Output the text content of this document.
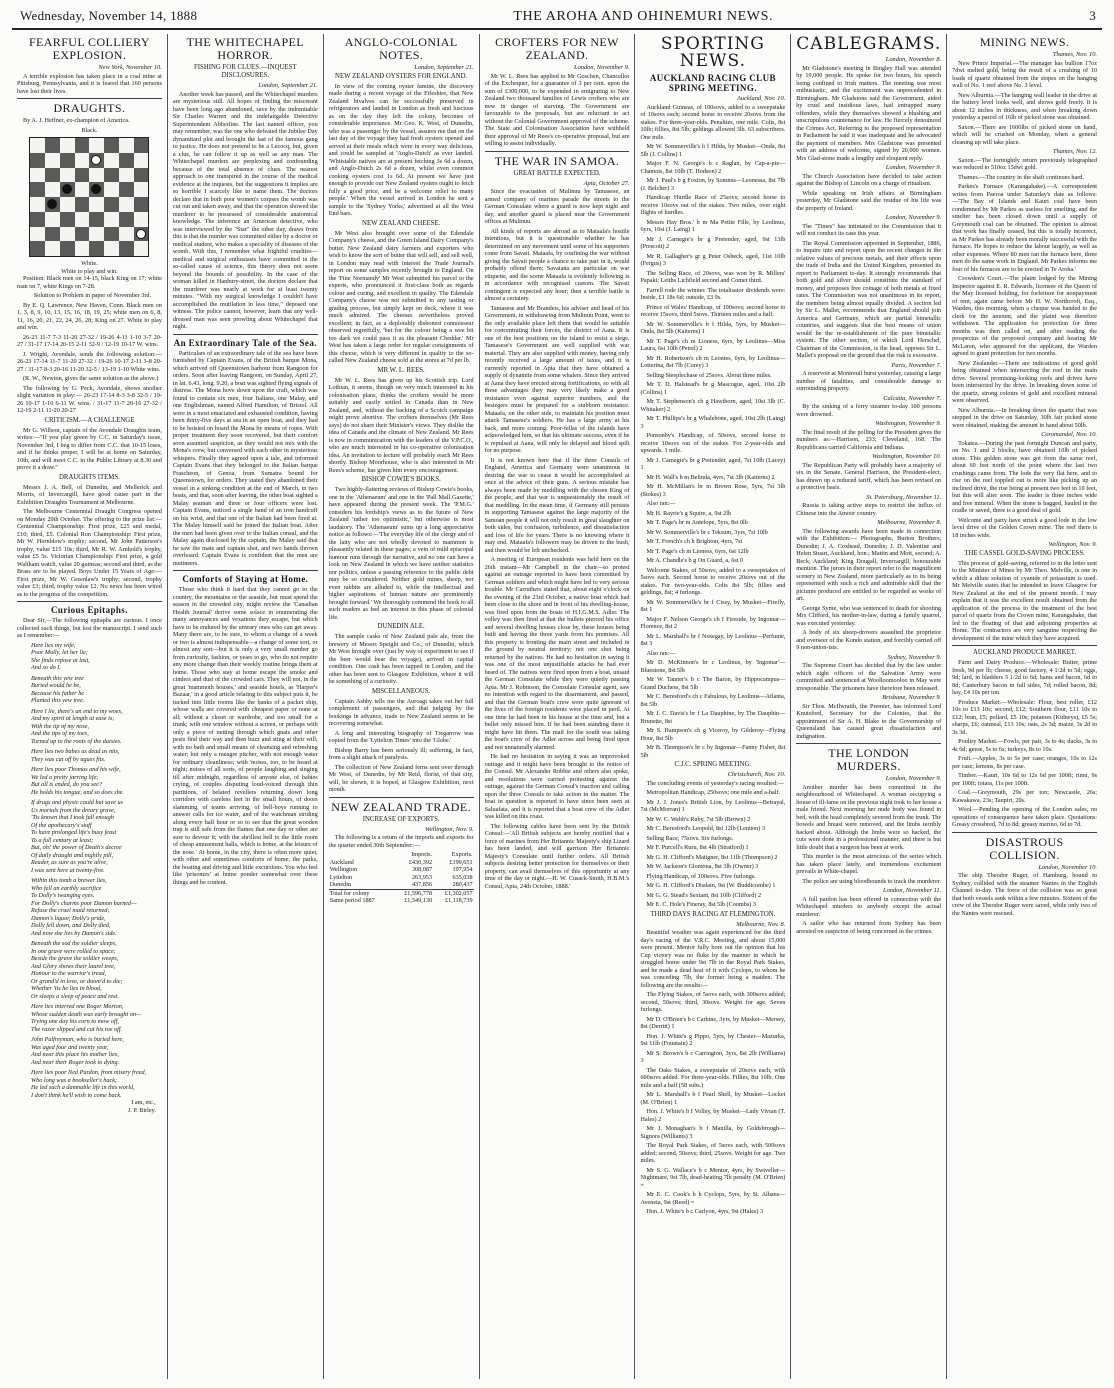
Wednesday, November 14, 1888	THE AROHA AND OHINEMURI NEWS.	3
FEARFUL COLLIERY EXPLOSION.
New York, November 10.

A terrible explosion has taken place in a coal mine at Pittsburg, Pennsylvania, and it is feared that 160 persons have lost their lives.

DRAUGHTS.

By A. J. Heffner, ex-champion of America.

Black.
White.
White to play and win.

Position: Black men on 14-15, black King on 17; white man on 7, white Kings on 7-28.

Solution to Problem in paper of November 3rd.

By E. Q. Lawrence, New Haven, Conn. Black men on 1, 3, 8, 9, 10, 13, 15, 16, 18, 19, 25; white men on 6, 8, 11, 16, 20, 21, 22, 24, 26, 28; King on 27. White to play and win.

26-23 11-7 7-3 11-20 27-32 / 19-26 4-11 1-10 3-7 20-27 / 31-17 17-14 20-15 2-11 32-9 / 12-19 10-17 W. wins.

J. Wright, Avondale, sends the following solution:— 26-23 17-14 11-7 11-20 27-32 / 19-26 10-17 2-11 3-8 20-27 / 31-17 8-3 20-16 11-20 32-5 / 13-19 1-10 White wins.

(R. W., Newton, gives the same solution as the above.)

The following by G. Peck, Avondale, shows another slight variation in play:— 26-23 17-14 8-3 3-8 32-5 / 19-26 10-17 1-10 6-11 W. wins. / 31-17 11-7 20-16 27-32 / 12-19 2-11 11-20 20-27

CRITICISM.—A CHALLENGE

Mr G. Willson, captain of the Avondale Draughts team, writes:—"If you play green by C.C. in Saturday's issue, November 3rd, I beg to differ from C.C. that 10-15 loses, and if he thinks proper, I will be at home on Saturday, 10th, and will meet C.C. in the Public Library at 8.30 and prove it a draw."

DRAUGHTS ITEMS.

Messrs J. A. Bell, of Dunedin, and Mellerick and Morris, of Invercargill, have good cause part in the Exhibition Draughts Tournament at Melbourne.

The Melbourne Centennial Draught Congress opened on Monday 29th October. The offering to the prize list:— Centennial Championship: First prize, £25 and medal, £10; third, £5. Colonial Ron Championship: First prize, Mr W. Hornblow's trophy; second, Mr John Patterson's trophy, value £15 10s; third, Mr R. W. Arnhold's trophy, value £5 5s. Victorian Championship: First prize, a gold Waltham watch, value 20 guineas; second and third, as the Brass are to be played. Boys Under 15 Years of Age:—First prize, Mr W. Greenlaw's trophy; second, trophy value £3; third, trophy value £2. No news has been wired as to the progress of the competition.

Curious Epitaphs.

Dear Sir,—The following epitaphs are curious. I once collected such things, but lost the manuscript. I send such as I remember:—

Here lies my wife,
Poor Molly, let her lie;
She finds repose at last,
And so do I.
Beneath this yew tree
Buried would he be,
Because his father he
Planted this yew tree.
Here I lie, there's an end to my woes,
And my spirit at length at ease is;
With the tip of my nose,
And the tips of my toes,
Turned up to the roots of the daisies.
Here lies two babes as dead as nits,
They was cut off by agues fits.
Here lies poor Thomas and his wife,
We led a pretty jarring life;
But all is ended, do you see?
He holds his tongue, and so does she.
If drugs and physic could but save us
Us mortals from the dreary grave,
'Tis known that I took full enough
Of the apothecary's stuff
To have prolonged life's busy feast
To a full century at least;
But, oh! the power of Death's decree
Of daily draught and nightly pill,
Reader, as sure as you're alive,
I was sent here at twenty-five.
Within this tomb a brewer lies,
Who fell an earthly sacrifice
To Dolly's twanging eyes.
For Dolly's charms poor Damon burned—
Refuse the cruel maid returned;
Damon's liquor, Dolly's pride,
Dolly fell down, and Dolly died,
And now she lies by Damon's side.
Beneath the sod the soldier sleeps,
In one grave were rolled to space;
Beside the grave the soldier weeps,
And Glory shows their laurel tree,
Honour to the warrior's tread,
Or grand'd in love, or doom'd to die;
Whether 'tis he lies in blood,
Or sleeps a sleep of peace and rest.
Here lies interred one Roger Morton,
Whose sudden death was early brought on—
Trying one day his corn to mow off,
The razor slipped and cut his toe off.
John Palfreyman, who is buried here,
Was aged four and twenty year,
And near this place his mother lies,
And near their Roger took to dying.
Here lies poor Ned Purdon, from misery freed,
Who long was a bookseller's hack;
He led such a damnable life in this world,
I don't think he'll wish to come back.
I am, etc.,
J. P. Birley.
THE WHITECHAPEL HORROR.
FISHING FOR CLUES.—INQUEST DISCLOSURES.
London, September 21.

Another week has passed, and the Whitechapel murders are mysterious still. All hopes of finding the miscreant have been long ago abandoned, save by the indomitable Sir Charles Warren and the indefatigable Detective Superintendent Abberline. The last named officer, you may remember, was the one who defeated the Jubilee Day dynamitard plot and brought the last of the famous gang to justice. He does not pretend to be a Lecocq, but, given a clue, he can follow it up as well as any man. The Whitechapel murders are perplexing and confounding because of the total absence of clues. The nearest approach to one transpired in the course of the medical evidence at the inquests, but the suggestions it implies are so horrible I scarcely like to name them. The doctors declare that in both poor women's corpses the womb was cut out and taken away, and that the operation showed the murderer to be possessed of considerable anatomical knowledge. The inference an American detective, who was interviewed by the "Star" the other day, draws from this is that the murder was committed either by a doctor or medical student, who makes a speciality of diseases of the womb. With this, I remember what frightful cruelties—medical and surgical enthusiasts have committed in the so-called cause of science, this theory does not seem beyond the bounds of possibility. In the case of the woman killed in Hanbury-street, the doctors declare that the murderer was nearly at work for at least twenty minutes. "With my surgical knowledge I couldn't have accomplished the mutilation in less time," deposed one witness. The police cannot, however, learn that any well-dressed man was seen prowling about Whitechapel that night.

An Extraordinary Tale of the Sea.

Particulars of an extraordinary tale of the sea have been furnished by Captain Evans, of the British barque Mona, which arrived off Queenstown harbour from Rangoon for orders. Soon after leaving Rangoon, on Sunday, April 27, in lat. 6.43, long. 9.20, a boat was sighted flying signals of distress. The Mona hove down upon the craft, which was found to contain six men, four Italians, one Malay, and one Englishman, named Alfred Hamilton, of Bristol. All were in a most emaciated and exhausted condition, having been thirty-five days at sea in an open boat, and they had to be hoisted on board the Mona by means of ropes. With proper treatment they soon recovered, but their comfort soon assumed suspicion, as they would not mix with the Mona's crew, but conversed with each other in mysterious whispers. Finally they agreed upon a tale, and informed Captain Evans that they belonged to the Italian barque Frascheon, of Genoa, from Sumatra bound for Queenstown, for orders. They stated they abandoned their vessel in a sinking condition at the end of March, in two boats, and that, soon after leaving, the other boat sighted a Malay seaman and three or four officers were lost. Captain Evans, noticed a single band of an iron handcuff on his wrist, and that one of the Italian had been fired at. The Malay himself said he joined the Italian boat. After the men had been given over to the Italian consul, and the Malay again disclosed by the captain, the Malay said that he saw the mate and captain shot, and two hands thrown overboard. Captain Evans is confident that the men are mutineers.

Comforts of Staying at Home.

Those who think it hard that they cannot go to the country, the mountains or the seaside, but must spend the season in the crowded city, might review the 'Canadian Health Journal' derive some solace in enumerating the many annoyances and vexations they escape, but which have to be endured by the unwary ones who can get away. Many there are, to be sure, to whom a change of a week or two is almost indispensable—a change of some sort, or almost any sort—but it is only a very small number go from curiosity, fashion, or years to go, who do not require any more change than their weekly routine brings them at home. Those who stay at home escape the smoke and cinders and dust of the crowded cars. They will not, in the great 'mammoth houses,' and seaside hotels, as 'Harper's Bazaar,' in a good article relating to this subject puts it, be tucked into little rooms like the banks of a packet ship, whose walls are covered with cheapest paper or none at all; without a closet or wardrobe, and too small for a trunk; with one window without a screen, or perhaps with only a piece of netting through which gnats and other pests find their way and then buzz and sting at their will; with no bath and small means of cleansing and refreshing water; but only a meagre pitcher, with not enough water for ordinary cleanliness; with 'noises, too, to be heard at night; noises of all sorts, of people laughing and singing till after midnight, regardless of anyone else, of babies crying, of couples disputing loud-voiced through thin partitions, of belated revellers returning down long corridors with careless feet in the small hours, of doors slamming, of teams arriving, of bell-boys running to answer calls for ice water, and of the watchman striding along every half hour or so to see that the great wooden trap is still safe from the flames that one day or other are sure to devour it; with the shrillest bell to the little room of cheap amusement halls, which is home, at the leisure of the nose.' At home, in the city, there is often more quiet, with other and sometimes comforts of home; the parks, the boating and driving and little excursions. You who feel like 'prisoners' at home ponder somewhat over these things and be content.

ANGLO-COLONIAL NOTES.
London, September 21.
NEW ZEALAND OYSTERS FOR ENGLAND.

In view of the coming oyster famine, the discovery made during a recent voyage of the Fifeshire, that New Zealand bivalves can be successfully preserved in refrigerators and landed in London as fresh and luscious as on the day they left the colony, becomes of considerable importance. Mr Geo. K. West, of Dunedin, who was a passenger by the vessel, assures me that on the last day of the voyage they had fresh oysters opened and served at their meals which were in every way delicious, and could be sampled at 'Anglo-Dutch' as ever landed. 'Whitstable natives are at present fetching 3s 6d a dozen, and Anglo-Dutch 2s 6d a dozen, whilst even common cooking oysters cost 1s 6d. At present we have just enough to provide our New Zealand oysters ought to fetch fully a good price, and be a welcome relief to many people.' When the vessel arrived in London he sent a sample to the 'Sydney Yorks,' advertised at all the West End bars.

NEW ZEALAND CHEESE.

Mr West also brought over some of the Edendale Company's cheese, and the Green Island Dairy Company's butter. New Zealand dairy farmers and exporters who wish to know the sort of butter that will sell, and sell well, in London may read with interest the Trade Journal's report on some samples recently brought to England. On the 'Fine Normandy' Mr West submitted his parcel to the experts, who pronounced it first-class both as regards colour and curing, and excellent in quality. The Edendale Company's cheese was not submitted to any tasting or grading process, but simply kept on deck, where it was much admired. The cheeses nevertheless proved excellent; in fact, as a deplorably dishonest connoisseur observed regretfully, 'but for the colour being a wee bit too dark we could pass it as the pleasant Cheddar.' Mr West has taken a large order for regular consignments of this cheese, which is very different in quality to the so-called New Zealand cheese sold at the stores at 7d per lb.

MR W. L. REES.

Mr W. L. Rees has given up his Scottish trip. Lord Lothian, it seems, though on very much interested in his colonisation plans, thinks the crofters would be more suitably and easily settled in Canada than in New Zealand, and, without the backing of a Scotch campaign might prove abortive. The crofters themselves (Mr Rees says) do not share their Minister's views. They dislike the idea of Canada and the climate of New Zealand. Mr Rees is now in communication with the leaders of the V.P.C.O., who are much interested in his co-operative colonisation idea. An invitation to lecture will probably reach Mr Rees shortly. Bishop Moorhouse, who is also interested in Mr Rees's scheme, has given him every encouragement.

BISHOP COWIE'S BOOKS.

Two highly-flattering reviews of Bishop Cowie's books, one in the 'Athenaeum' and one in the 'Pall Mall Gazette,' have appeared during the present week. The 'P.M.G.' considers his lordship's views as to the future of New Zealand 'rather too optimistic,' but otherwise is most laudatory. The 'Athenaeum' sums up a long appreciative notice as follows:—'The everyday life of the clergy and of the laity who are not wholly devoted to mammon is pleasantly related in these pages; a vein of mild episcopal humour runs through the narrative, and no one can have a look on New Zealand in which we have neither statistics nor politics, unless a passing reference to the public debt may be so considered. Neither gold mines, sheep, nor even rabbits are alluded to, while the intellectual and higher aspirations of human nature are prominently brought forward.' We thoroughly commend the book to all such readers as feel an interest in this phase of colonial life.

DUNEDIN ALE.

The sample casks of New Zealand pale ale, from the brewery of Messrs Speight and Co., of Dunedin, which Mr West brought over (just by way of experiment to see if the beer would bear the voyage), arrived in capital condition. One cask has been tapped in London, and the other has been sent to Glasgow Exhibition, where it will be something of a curiosity.

MISCELLANEOUS.

Captain Ashby tells me the Auroagi takes out her full complement of passengers, and that judging by the bookings in advance, trade to New Zealand seems to be recovering somewhat.

A long and interesting biography of Tregarrow was copied from the 'Lyttelton Times' into the 'Globe.'

Bishop Barry has been seriously ill; suffering, in fact, from a slight attack of paralysis.

The collection of New Zealand ferns sent over through Mr West, of Dunedin, by Mr Reid, florist, of that city, will, be shown, it is hoped, at Glasgow Exhibition, next month.

NEW ZEALAND TRADE.
INCREASE OF EXPORTS.
Wellington, Nov. 9.

The following is a return of the imports and exports for the quarter ended 30th September:—

	Imports.	Exports.
Auckland	£430,392	£199,651
Wellington	308,087	197,954
Lyttelton	263,953	635,038
Dunedin	437,856	280,437
Total for colony	£1,596,778	£1,302,057
Same period 1887	£1,549,130	£1,118,739
CROFTERS FOR NEW ZEALAND.
London, November 9.

Mr W. L. Rees has applied to Mr Goschen, Chancellor of the Exchequer, for a guarantee of 3 per cent. upon the sum of £300,000, to be expended in emigrating to New Zealand two thousand families of Lewis crofters who are now in danger of starving. The Government are favourable to the proposals, but are reluctant to act without the Colonial Government approval of the scheme. The State and Colonisation Association have withheld their approval of Mr Rees's co-operative proposal, but are willing to assist individually.

THE WAR IN SAMOA.
GREAT BATTLE EXPECTED.
Apia, October 27.

Since the evacuation of Mulinuu by Tamasese, an armed company of marines parade the streets to the German Consulate where a guard is now kept night and day, and another guard is placed near the Government offices at Mulinuu.

All kinds of reports are abroad as to Mataafa's hostile intentions, but it is questionable whether he has determined on any movement until some of his supporters come from Savaii. Mataafa, by confining the war without giving the Savaii people a chance to take part in it, would probably offend them; Savaiana are particular on war etiquette, and the scene Mataafa is evidently following is in accordance with recognised custom. The Savaii contingent is expected any hour; then a terrible battle is almost a certainty.

Tamasese and Mr Brandeis, his adviser and head of his Government, in withdrawing from Mulinuu Point, went to the only available place left them that would be suitable for concentrating their forces, the district of Aana. It is one of the best positions on the island to resist a siege. Tamasese's Government are well supplied with war material. They are also supplied with money, having only recently received a large amount of taxes, and it is currently reported in Apia that they have obtained a supply of dynamite from some whalers. Since they arrived at Aana they have erected strong fortifications, so with all these advantages they may very likely make a good resistance even against superior numbers, and the besiegers must be prepared for a stubborn resistance. Mataafa, on the other side, to maintain his position must attack Tamasese's soldiers. He has a large army at his back, and more coming. Poor-fellas of the islands have acknowledged him, so that his ultimate success, even if he is repulsed at Aana, will only be delayed and blood spilt for no purpose.

It is not known here that if the three Consuls of England, America and Germany were unanimous in desiring the war to cease it would be accomplished at once at the advice of their guns. A serious mistake has always been made by meddling with the chosen King of the people, and that war is unquestionably the result of that meddling. In the mean time, if Germany still persists in supporting Tamasese against the large majority of the Samoan people it will not only result in great slaughter on both sides, but confusion, turbulence, and dissatisfaction and loss of life for years. There is no knowing where it may end. Mataafa's followers may be driven to the bush, and then would be left unchecked.

A meeting of European residents was held here on the 26th instant—Mr Campbell in the chair—to protest against an outrage reported to have been committed by German soldiers and which might have led to very serious trouble. Mr Carruthers stated that, about eight o'clock on the evening of the 23rd October, a native boat which had been close to the shore and in front of his dwelling-house, was fired upon from the boats of H.I.G.M.S. Adler. The volley was then fired at that the bullets pierced his office and several dwelling houses close by, these houses being built and having the three yards from his premises. All this property is fronting the main street and included in the ground by neutral territory; not one shot being returned by the natives. He had no hesitation in saying it was one of the most unjustifiable attacks he had ever heard of. The natives were fired upon from a boat, unsaid the German Consulate while they were quietly passing Apia. Mr J. Robinson, the Consulate Consular agent, saw no intention with regard to the disarmament, and passed, and that the German boat's crew were quite ignorant of the lives of the foreign residents were placed in peril. At one time he had been in his house at the time and, but a bullet only missed him. If he had been standing there it might have hit them. The mail for the south was taking the boat's crew of the Adler across and being fired upon and not unnaturally alarmed.

He had no hesitation in saying it was an unprovoked outrage and it might have been brought to the notice of the Consul. Mr Alexander Robbie and others also spoke, and resolutions were carried protesting against the outrage, against the German Consul's inaction and calling upon the three Consuls to take action in the matter. The boat in question is reported to have since been seen at Saluafata, and it is reported that a boat crew of the Adler was killed on this coast.

The following cables have been sent by the British Consul:—'All British subjects are hereby notified that a force of marines from Her Britannic Majesty's ship Lizard has been landed, and will garrison Her Britannic Majesty's Consulate until further orders. All British subjects desiring better protection for themselves or their property, can avail themselves of this opportunity at any time of the day or night.—H. W. Cusack-Smith, H.B.M.'s Consul, Apia, 24th October, 1888.'

SPORTING NEWS.
AUCKLAND RACING CLUB SPRING MEETING.
Auckland, Nov. 10.

Auckland Guineas, of 100sovs, added to a sweepstake of 10sovs each; second horse to receive 20sovs from the stakes. For three-year-olds. Penalties, one mile. Colts, 8st 10lb; fillies, 8st 5lb; geldings allowed 3lb. 63 subscribers. One mile.

Mr W. Sommerville's b f Hilda, by Musket—Onda, 8st 5lb (J. Collins) 1

Major F. N. George's b c Raglan, by Cap-a-pie—Chamois, 8st 10lb (T. Hodson) 2

Mr J. Paul's b g Foxton, by Somnus—Leonessa, 8st 7lb (J. Belcher) 3

Handicap Hurdle Race of 25sovs; second horse to receive 10sovs out of the stakes. Two miles, over eight flights of hurdles.

Messrs Hay Bros.' b m Ma Petite Fille, by Leolinus, 6yrs, 10st (J. Laing) 1

Mr J. Carnegie's br g Pretender, aged, 9st 13lb (Prescott) 2

Mr R. Gallagher's gr g Peter Osbeck, aged, 11st 10lb (Fergus) 3

The Selling Race, of 20sovs, was won by R. Millers' Papaki; Leiths Lichfield second and Comet third.

Farrell rode the winner. The totalisator dividends were: Inside, £1 18s 6d; outside, £3 9s.

Prince of Wales' Handicap, of 100sovs; second horse to receive 15sovs, third 5sovs. Thirteen miles and a half.

Mr W. Sommerville's b f Hilda, 5yrs, by Musket—Onda, 8st 5lb (Kaiterns) 1

Mr T. Page's ch m Lioness, 6yrs, by Leolinus—Miss Laura, 6st 10lb (Petrel) 2

Mr H. Robertson's ch m Leontes, 6yrs, by Leolinus—Lotterina, 8st 7lb (Corey) 3

Selling Steeplechase of 25sovs. About three miles.

Mr T. D. Halstead's br g Mascogue, aged, 10st 2lb (Collins) 1

Mr T. Stephenson's ch g Hawthorn, aged, 10st 3lb (C. Whitaker) 2

Mr T. Phillips's br g Whalebone, aged, 10st 2lb (Laing) 3

Ponsonby's Handicap, of 50sovs, second horse to receive 10sovs out of the stakes. For 2-year-olds and upwards. 1 mile.

Mr J. Carnegie's br g Pretender, aged, 7st 10lb (Lacey) 1

Mr H. Wall's b m Belinda, 4yrs, 7st 3lb (Kaiterns) 2

Mr H. McMillan's br m Brown Rose, 5yrs, 7st 3lb (Stokes) 3

Also ran:—

Mr H. Rayrie's g Squire, a, 9st 2lb

Mr T. Page's br m Antelope, 5yrs, 8st 0lb

Mr W. Sommerville's br c Teksum, 3yrs, 7st 10lb

Mr T. French's ch h Brighton, 4yrs, 7st

Mr T. Page's ch m Lioness, 6yrs, 6st 12lb

Mr A. Chandle's b g On Guard, a, 6st 0

Welcome Stakes, of 50sovs, added to a sweepstakes of 5sovs each. Second horse to receive 20sovs out of the stakes. For two-year-olds. Colts 8st 5lb; fillies and geldings, 8st; 4 furlongs.

Mr W. Sommerville's br f Cissy, by Musket—Firefly, 8st 1

Major F. Nelson George's ch f Fireside, by Ingomar—Florence, 8st 2

Mr L. Marshall's br f Nosegay, by Leolinus—Perfume, 8st 3

Also ran:—

Mr D. McKinnon's br c Leolinus, by 'Ingomar'—Bluestone, 8st 5lb

Mr W. Tanner's b c The Baron, by Hippocampus—Grand Duchess, 8st 5lb

Mr C. Beresford's ch c Fabulous, by Leolinus—Atlanta, 8st 5lb

Mr J. C. Davis's br f La Dauphine, by The Dauphin—Brunette, 8st

Mr S. Hampson's ch g Viceroy, by Gilderoy—Flying Hour, 8st 5lb

Mr B. Thompson's br c by Ingomar—Fanny Fisher, 8st 5lb

C.J.C. SPRING MEETING.
Christchurch, Nov. 10.

The concluding events of yesterday's racing resulted:—

Metropolitan Handicap, 250sovs; one mile and a-half.

Mr J. J. Jones's British Lion, by Leolinus—Betrayal, 7st (McMorran) 1

Mr W. C. Webb's Ruby, 7st 5lb (Brown) 2

Mr C. Beresford's Leopold, 8st 12lb (Lenuon) 3

Selling Race, 75sovs. Six furlongs.

Mr F. Purcell's Ruru, 8st 4lb (Stratford) 1

Mr G. H. Clifford's Matigner, 8st 11lb (Thompson) 2

Mr W. Jackson's Glomona, 8st 3lb (Owner) 3

Flying Handicap, of 100sovs. Five furlongs.

Mr G. H. Clifford's Disdain, 9st (W. Buddicombe) 1

Mr G. G. Stead's Sextant, 8st 10lb (Clifford) 2

Mr E. C. Hole's Fineray, 8st 5lb (Coombs) 3

THIRD DAYS RACING AT FLEMINGTON.
Melbourne, Nov. 8.

Beautiful weather was again experienced for the third day's racing of the V.R.C. Meeting, and about 15,000 were present. Mentor fully bore out the opinion that his Cup victory was no fluke by the manner in which he struggled home under 9st 7lb in the Royal Park Stakes, and he made a dead heat of it with Cyclops, to whom he was conceding 7lb, the former being a maiden. The following are the results:—

The Flying Stakes, of 5sovs each, with 300sovs added; second, 50sovs; third, 30sovs. Weight for age. Seven furlongs.

Mr D. O'Brien's b c Carbine, 3yrs, by Musket—Mersey, 8st (Derritt) 1

Hon. J. White's g Pippo, 5yrs, by Chester—Mazurka, 9st 11lb (Fountain) 2

Mr S. Brown's b c Carrington, 3yrs, 8st 2lb (Williams) 3

The Oaks Stakes, a sweepstake of 20sovs each, with 600sovs added. For three-year-olds. Fillies, 8st 10lb. One mile and a half (58 subs.)

Mr L. Marshall's b f Pearl Shell, by Musket—Locket (M. O'Brien) 1

Hon. J. White's b f Volley, by Musket—Lady Vivian (T. Hales) 2

Mr J. Monaghan's b f Manilla, by Goldsbrough—Signora (Williams) 3

The Royal Park Stakes, of 5sovs each, with 500sovs added; second, 50sovs; third, 25sovs. Weight for age. Two miles.

Mr S. G. Wallace's b c Mentor, 4yrs, by Swiveller—Nightmare, 9st 7lb, dead-heating 7lb penalty (M. O'Brien) =

Mr E. C. Cook's b h Cyclops, 5yrs, by St. Albans—Aveneta, 9st (Reed) =

Hon. J. White's b c Carlyon, 4yrs, 9st (Hales) 3

CABLEGRAMS.
London, November 8.

Mr Gladstone's meeting in Bingley Hall was attended by 19,000 people. He spoke for two hours, his speech being confined to Irish matters. The meeting was most enthusiastic, and the excitement was unprecedented in Birmingham. Mr Gladstone said the Government, aided by cruel and insidious laws, had entrapped many offenders, while they themselves showed a blushing and unscrupulous countenance for law. He fiercely denounced the Crimes Act. Referring to the proposed representation in Parliament he said it was inadequate and he advocated the payment of members. Mrs Gladstone was presented with an address of welcome, signed by 20,000 women. Mrs Glad-stone made a lengthy and eloquent reply.

London, November 9.

The Church Association have decided to take action against the Bishop of Lincoln on a charge of ritualism.

While speaking on Irish affairs at Birmingham yesterday, Mr Gladstone said the residue of his life was the property of Ireland.

London, November 9.

The "Times" has intimated to the Commission that it will not conduct its case this year.

The Royal Commission appointed in September, 1886, to inquire into and report upon the recent changes in the relative values of precious metals, and their effects upon the trade of India and the United Kingdom, presented its report to Parliament to-day. It strongly recommends that both gold and silver should constitute the standard of money, and proposes free coinage of both metals at fixed rates. The Commission was not unanimous in its report, the members being almost equally divided. A section led by Sir L. Mallet, recommends that England should join America and Germany, which are partial bimetallic countries, and suggests that the best means of union would be the re-establishment of the pure bimetallic system. The other section, of which Lord Herschel, Chairman of the Commission, is the head, opposes Sir L. Mallet's proposal on the ground that the risk is excessive.

Paris, November 7.

A reservoir at Montreuil burst yesterday, causing a large number of fatalities, and considerable damage to surrounding property.

Calcutta, November 7.

By the sinking of a ferry steamer to-day 100 persons were drowned.

Washington, November 9.

The final result of the polling for the President gives the numbers as:—Harrison, 233; Cleveland, 168. The Republicans carried California and Indiana.

Washington, November 10.

The Republican Party will probably have a majority of six in the Senate. General Harrison, the President-elect, has drawn up a reduced tariff, which has been revised on a protective basis.

St. Petersburg, November 11.

Russia is taking active steps to restrict the influx of Chinese into the Amoor country.

Melbourne, November 8.

The following awards have been made in connection with the Exhibition:— Photographs, Burton Brothers, Dunedin; J. A. Coxhead, Dunedin; J. D. Valentine and Helen Stuart, Auckland, hon.; Mattin and Mott, second; A. Beck, Auckland; King Dougall, Invercargill, honourable mention. The jurors in their report refer to the magnificent scenery in New Zealand, more particularly as to its being represented with such a rich and admirable skill that the pictures produced are entitled to be regarded as works of art.

George Syme, who was sentenced to death for shooting Mrs Clifford, his mother-in-law, during a family quarrel, was executed yesterday.

A body of six sheep-drovers assaulted the proprietor and overseer of the Kondo station, and forcibly carried off 9 non-union-ists.

Sydney, November 9.

The Supreme Court has decided that by the law under which eight officers of the Salvation Army were committed and sentenced at Woolloomooloo in May were irresponsible. The prisoners have therefore been released.

Brisbane, November 9.

Sir Thos. McIlwraith, the Premier, has informed Lord Knutsford, Secretary for the Colonies, that the appointment of Sir A. H. Blake to the Governorship of Queensland has caused great dissatisfaction and indignation.

THE LONDON MURDERS.
London, November 9.

Another murder has been committed in the neighbourhood of Whitechapel. A woman occupying a house of ill-fame on the previous night took to her house a male friend. Next morning her nude body was found in bed, with the head completely severed from the trunk. The bowels and breast were removed, and the limbs terribly hacked about. Although the limbs were so hacked, the cuts were done in a professional manner, and there is but little doubt that a surgeon has been at work.

This murder is the most atrocious of the series which has taken place lately, and tremendous excitement prevails in White-chapel.

The police are using bloodhounds to track the murderer.

London, November 11.

A full pardon has been offered in connection with the Whitechapel murders to anybody except the actual murderer.

A sailor who has returned from Sydney has been arrested on suspicion of being concerned in the crimes.

MINING NEWS.
Thames, Nov. 10.

New Prince Imperial.—The manager has bullion 17oz 7dwt melted gold, being the result of a crushing of 10 loads of quartz obtained from the stopes on the hanging wall of No. 1 reef above No. 3 level.

New Alburnia.—The hanging wall leader in the drive at the battery level looks well, and shows gold freely. It is about 12 inches in thickness, and when breaking down yesterday a parcel of 16lb of picked stone was obtained.

Saxon.—There are 1600lbs of picked stone on hand, which will be crushed on Monday, when a general cleaning up will take place.

Thames, Nov. 12.

Saxon.—The fortnightly return previously telegraphed was reduced to 510oz 15dwt gold.

Thames.—The country in the shaft continues hard.

Parkes's Furnace (Karangahake).—A correspondent writes from Paeroa under Saturday's date as follows:—'The Bay of Islands and Kauri coal have been condemned by Mr Parkes as useless for smelting, and the smelter has been closed down until a supply of Greymouth coal can be obtained. The opinion is almost that work has finally ceased, but this is totally incorrect, as Mr Parkes has already been morally successful with the furnace. He hopes to reduce the labour largely, as well as other expenses. Where 80 men ran the furnace here, three men do the same work in England. Mr Parkes informs me four of his furnaces are to be erected in Te Aroha.'

Crowden's Court.—The plaint lodged by the Mining Inspector against E. R. Edwards, licensee of the Queen of the May licensed holding, for forfeiture for nonpayment of rent, again came before Mr H. W. Northcroft, Esq., Warden, this morning, when a cheque was handed to the clerk for the amount, and the plaint was therefore withdrawn. The application for protection for three months was then called on, and after reading the prospectus of the proposed company and hearing Mr McLaren, who appeared for the applicant, the Warden agreed to grant protection for two months.

New Zealander.—There are indications of good gold being obtained when intersecting the reef in the main drive. Several promising-looking reefs and drives have been intersected by the drive. In breaking down some of the quartz, strong colours of gold and excellent mineral were observed.

New Alburnia.—In breaking down the quartz that was stopped in the drive on Saturday, 30lb fair picked stone were obtained, making the amount in hand about 50lb.

Coromandel, Nov. 10.

Tokatea.—During the past fortnight Duncan and party, on No. 1 and 2 blocks, have obtained 10lb of picked stone. This golden stone was got from the same reef, about 60 feet north of the point where the last two crushings came from. The lode the very flat here, and to rise on the reef toppled out is more like picking up an inclined drive, the rise being at present two feet in 10 feet, but this will alter soon. The leader is three inches wide and free mineral. When the stone is bagged, hauled in the cradle or saved, there is a good deal of gold.

Welcome and party have struck a good lode in the low level drive of the Golden Crown mine. The reef there is 18 inches wide.

Wellington, Nov. 9.
THE CASSEL GOLD-SAVING PROCESS.

This process of gold-saving, referred to in the letter sent to the Minister of Mines by Mr Theo. Melville, is one in which a dilute solution of cyanide of potassium is used. Mr Melville states that he intended to leave Glasgow for New Zealand at the end of the present month. I may explain that it was the excellent result obtained from the application of the process to the treatment of the best parcel of quartz from the Crown mine, Karangahake, that led to the floating of that and adjoining properties at Home. The contractors are very sanguine respecting the development of the mine which they have acquired.

AUCKLAND PRODUCE MARKET.

Farm and Dairy Produce.—Wholesale: Butter, prime fresh, 9d per lb; cheese, good factory, 4 1/2d to 5d; eggs, 9d; lard, in bladders 5 1/2d to 6d; hams and bacon, 6d to 8d; Canterbury bacon in full sides, 7d; rolled bacon, 8d; hay, £4 10s per ton.

Produce Market.—Wholesale: Flour, best roller, £12 10s to £13 10s; second, £12; Southern flour, £11 10s to £12; bran, £5; pollard, £5 10s; potatoes (Kidneys), £5 5s; sharps, £6; oatmeal, £13 10s; oats, 2s 3d; maize, 3s 2d to 3s 3d.

Poultry Market.—Fowls, per pair, 3s to 4s; ducks, 3s to 4s 6d; geese, 5s to 6s; turkeys, 8s to 10s.

Fruit.—Apples, 3s to 5s per case; oranges, 10s to 12s per case; lemons, 8s per case.

Timber.—Kauri, 10s 6d to 12s 6d per 100ft; rimu, 9s per 100ft; totara, 11s per 100ft.

Coal.—Greymouth, 29s per ton; Newcastle, 26s; Kawakawa, 23s; Taupiri, 20s.

Wool.—Pending the opening of the London sales, no operations of consequence have taken place. Quotations: Greasy crossbred, 7d to 8d; greasy merino, 6d to 7d.

DISASTROUS COLLISION.
London, November 10.

The ship Theodor Ruger, of Hamburg, bound to Sydney, collided with the steamer Nantes in the English Channel to-day. The force of the collision was so great that both vessels sank within a few minutes. Sixteen of the crew of the Theodor Ruger were saved, while only two of the Nantes were rescued.
